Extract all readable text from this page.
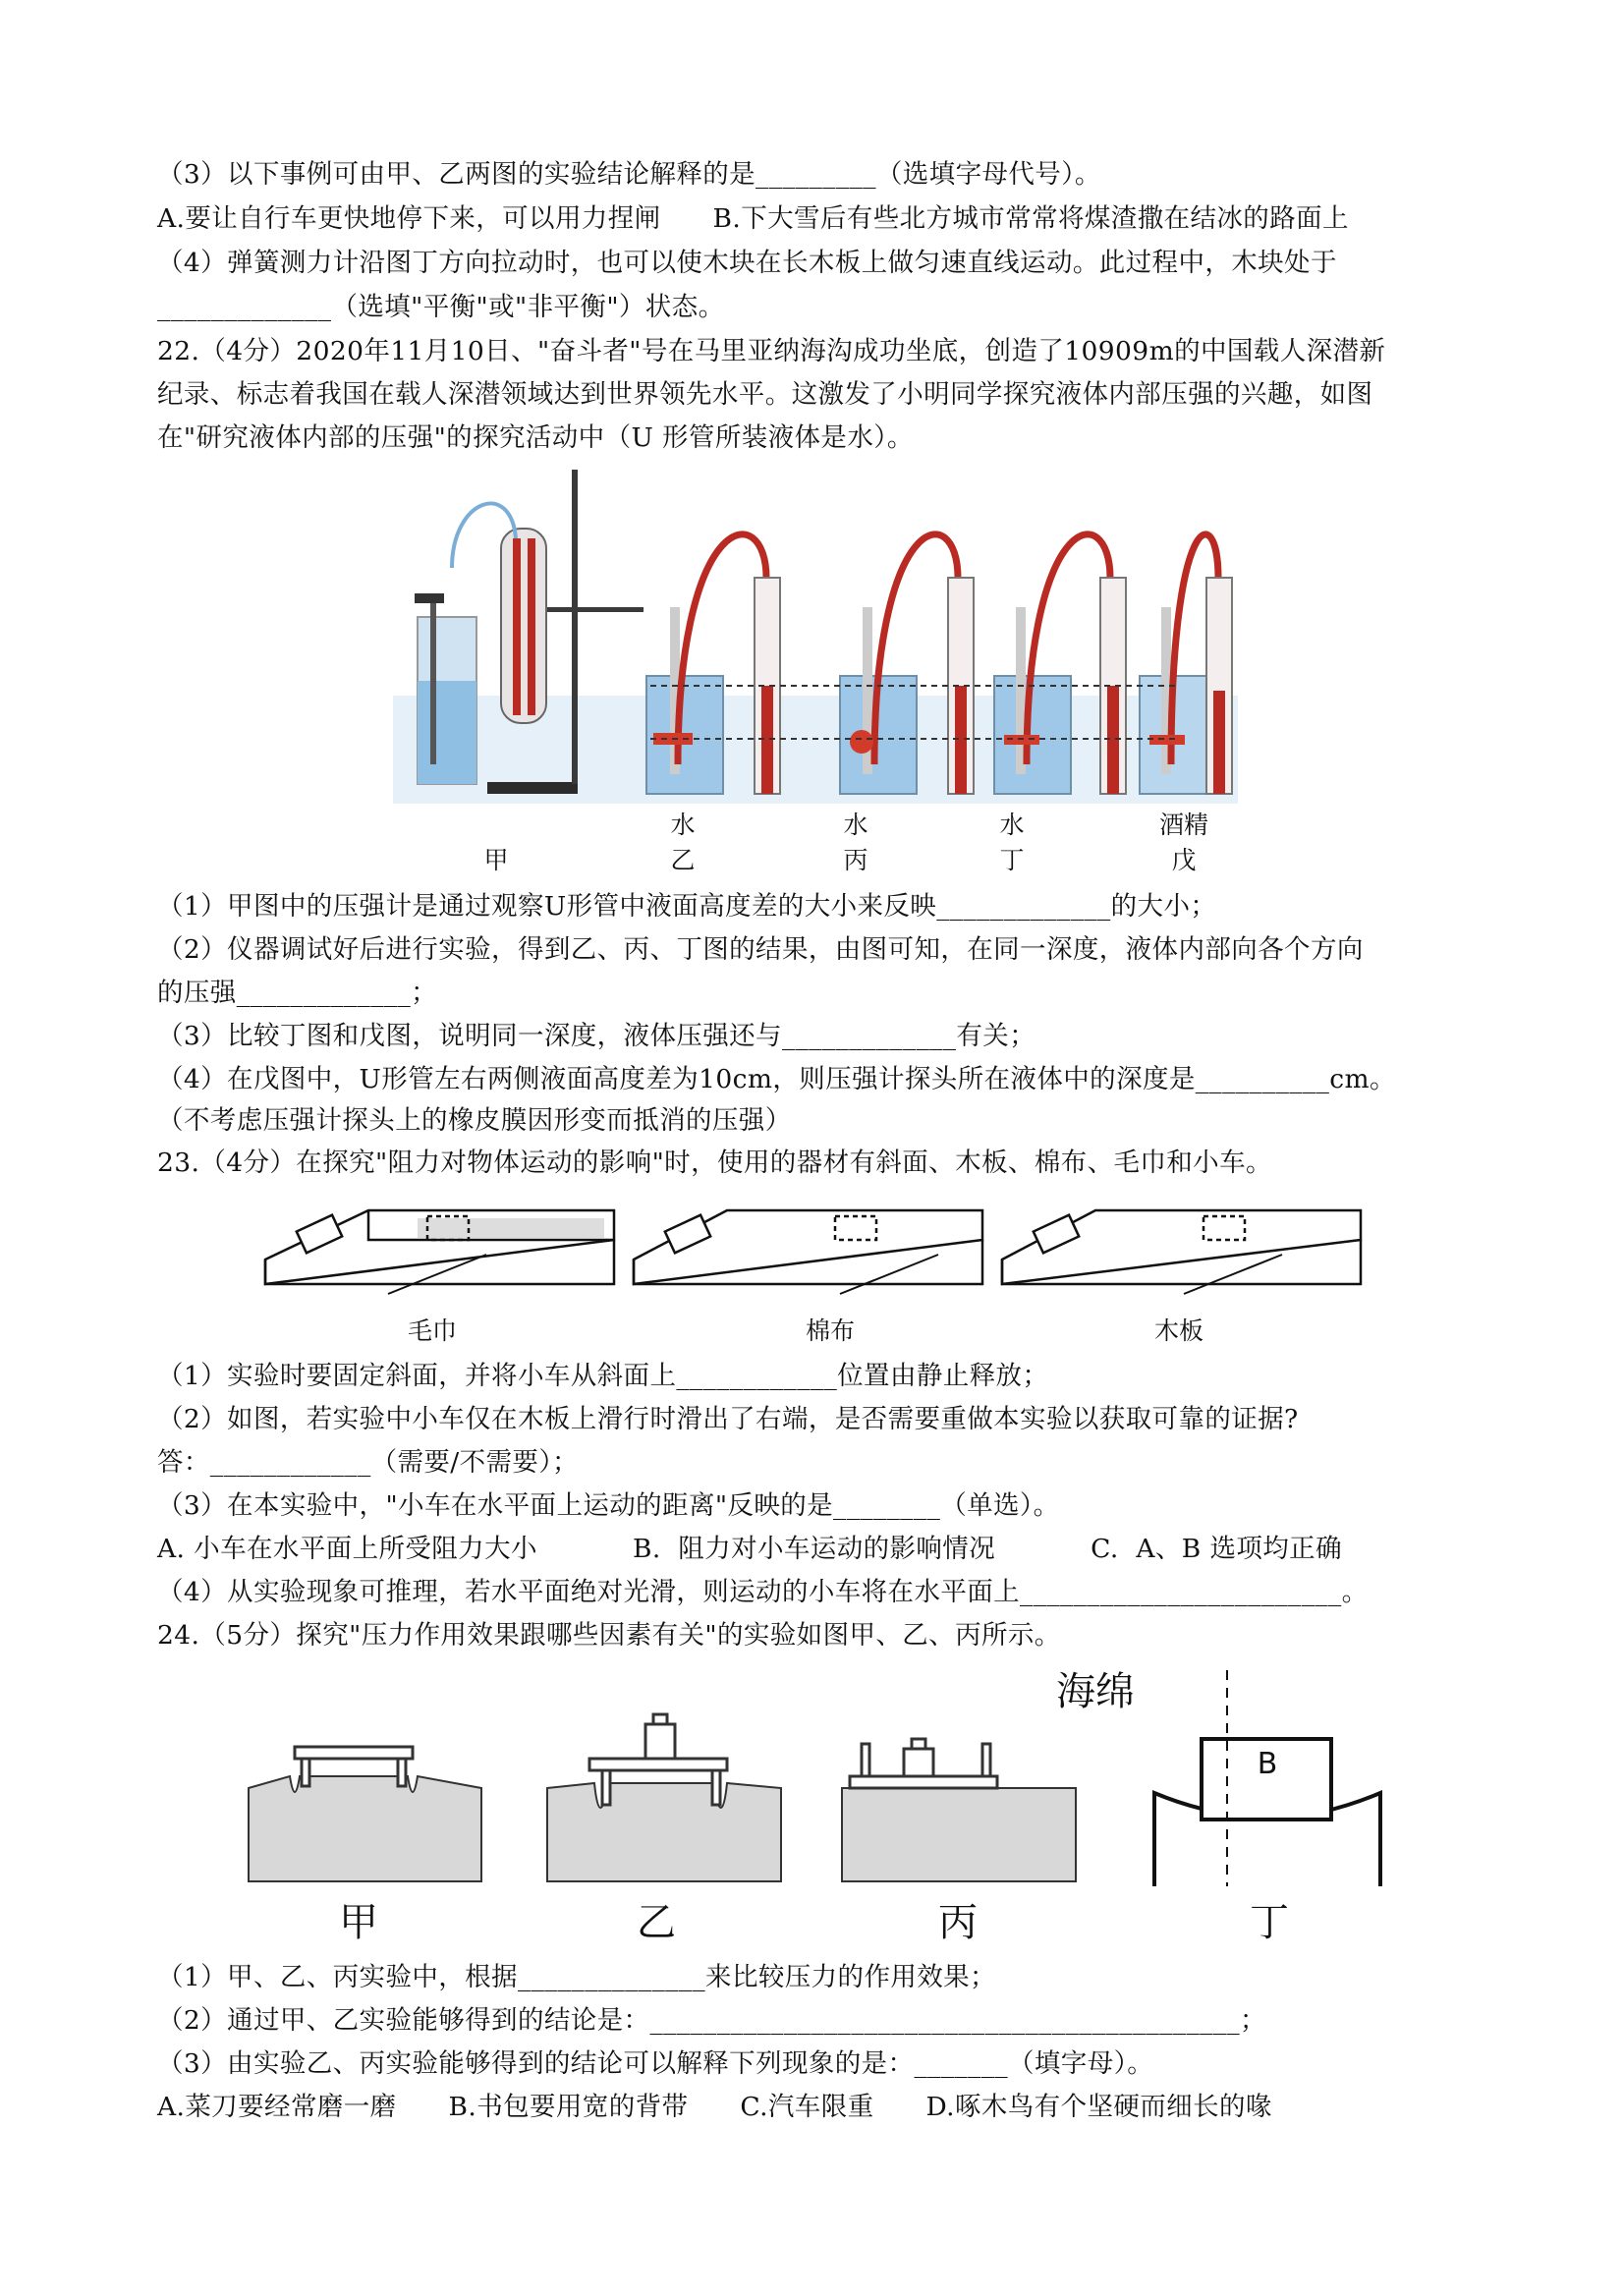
（3）以下事例可由甲、乙两图的实验结论解释的是_________（选填字母代号）。
A.要让自行车更快地停下来，可以用力捏闸      B.下大雪后有些北方城市常常将煤渣撒在结冰的路面上
（4）弹簧测力计沿图丁方向拉动时，也可以使木块在长木板上做匀速直线运动。此过程中，木块处于
_____________（选填"平衡"或"非平衡"）状态。
22.（4分）2020年11月10日、"奋斗者"号在马里亚纳海沟成功坐底，创造了10909m的中国载人深潜新
纪录、标志着我国在载人深潜领域达到世界领先水平。这激发了小明同学探究液体内部压强的兴趣，如图
在"研究液体内部的压强"的探究活动中（U 形管所装液体是水）。
水	水	水	酒精
甲	乙	丙	丁	戊
（1）甲图中的压强计是通过观察U形管中液面高度差的大小来反映_____________的大小；
（2）仪器调试好后进行实验，得到乙、丙、丁图的结果，由图可知，在同一深度，液体内部向各个方向
的压强_____________；
（3）比较丁图和戊图，说明同一深度，液体压强还与_____________有关；
（4）在戊图中，U形管左右两侧液面高度差为10cm，则压强计探头所在液体中的深度是__________cm。
（不考虑压强计探头上的橡皮膜因形变而抵消的压强）
23.（4分）在探究"阻力对物体运动的影响"时，使用的器材有斜面、木板、棉布、毛巾和小车。
毛巾	棉布	木板
（1）实验时要固定斜面，并将小车从斜面上____________位置由静止释放；
（2）如图，若实验中小车仅在木板上滑行时滑出了右端，是否需要重做本实验以获取可靠的证据?
答：____________（需要/不需要）；
（3）在本实验中，"小车在水平面上运动的距离"反映的是________（单选）。
A. 小车在水平面上所受阻力大小           B.  阻力对小车运动的影响情况           C.  A、B 选项均正确
（4）从实验现象可推理，若水平面绝对光滑，则运动的小车将在水平面上________________________。
24.（5分）探究"压力作用效果跟哪些因素有关"的实验如图甲、乙、丙所示。
海绵
B
甲	乙	丙	丁
（1）甲、乙、丙实验中，根据______________来比较压力的作用效果；
（2）通过甲、乙实验能够得到的结论是：____________________________________________；
（3）由实验乙、丙实验能够得到的结论可以解释下列现象的是：_______（填字母）。
A.菜刀要经常磨一磨      B.书包要用宽的背带      C.汽车限重      D.啄木鸟有个坚硬而细长的喙
